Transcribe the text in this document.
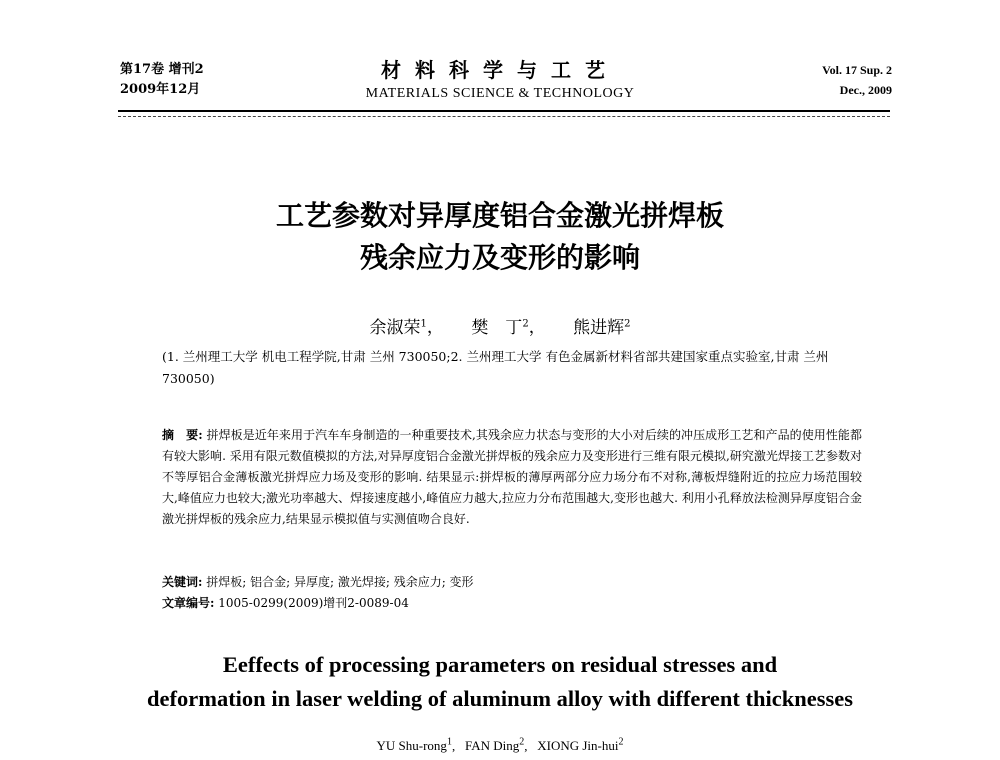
第17卷 增刊2
2009年12月
材料科学与工艺
MATERIALS SCIENCE & TECHNOLOGY
Vol. 17 Sup. 2
Dec., 2009
工艺参数对异厚度铝合金激光拼焊板
残余应力及变形的影响
余淑荣$^1$， 樊　丁$^2$， 熊进辉$^2$
(1. 兰州理工大学 机电工程学院,甘肃 兰州 730050;2. 兰州理工大学 有色金属新材料省部共建国家重点实验室,甘肃 兰州 730050)
摘　要: 拼焊板是近年来用于汽车车身制造的一种重要技术,其残余应力状态与变形的大小对后续的冲压成形工艺和产品的使用性能都有较大影响. 采用有限元数值模拟的方法,对异厚度铝合金激光拼焊板的残余应力及变形进行三维有限元模拟,研究激光焊接工艺参数对不等厚铝合金薄板激光拼焊应力场及变形的影响. 结果显示:拼焊板的薄厚两部分应力场分布不对称,薄板焊缝附近的拉应力场范围较大,峰值应力也较大;激光功率越大、焊接速度越小,峰值应力越大,拉应力分布范围越大,变形也越大. 利用小孔释放法检测异厚度铝合金激光拼焊板的残余应力,结果显示模拟值与实测值吻合良好.
关键词: 拼焊板; 铝合金; 异厚度; 激光焊接; 残余应力; 变形
文章编号: 1005-0299(2009)增刊2-0089-04
Eeffects of processing parameters on residual stresses and
deformation in laser welding of aluminum alloy with different thicknesses
YU Shu-rong$^1$,   FAN Ding$^2$,   XIONG Jin-hui$^2$
